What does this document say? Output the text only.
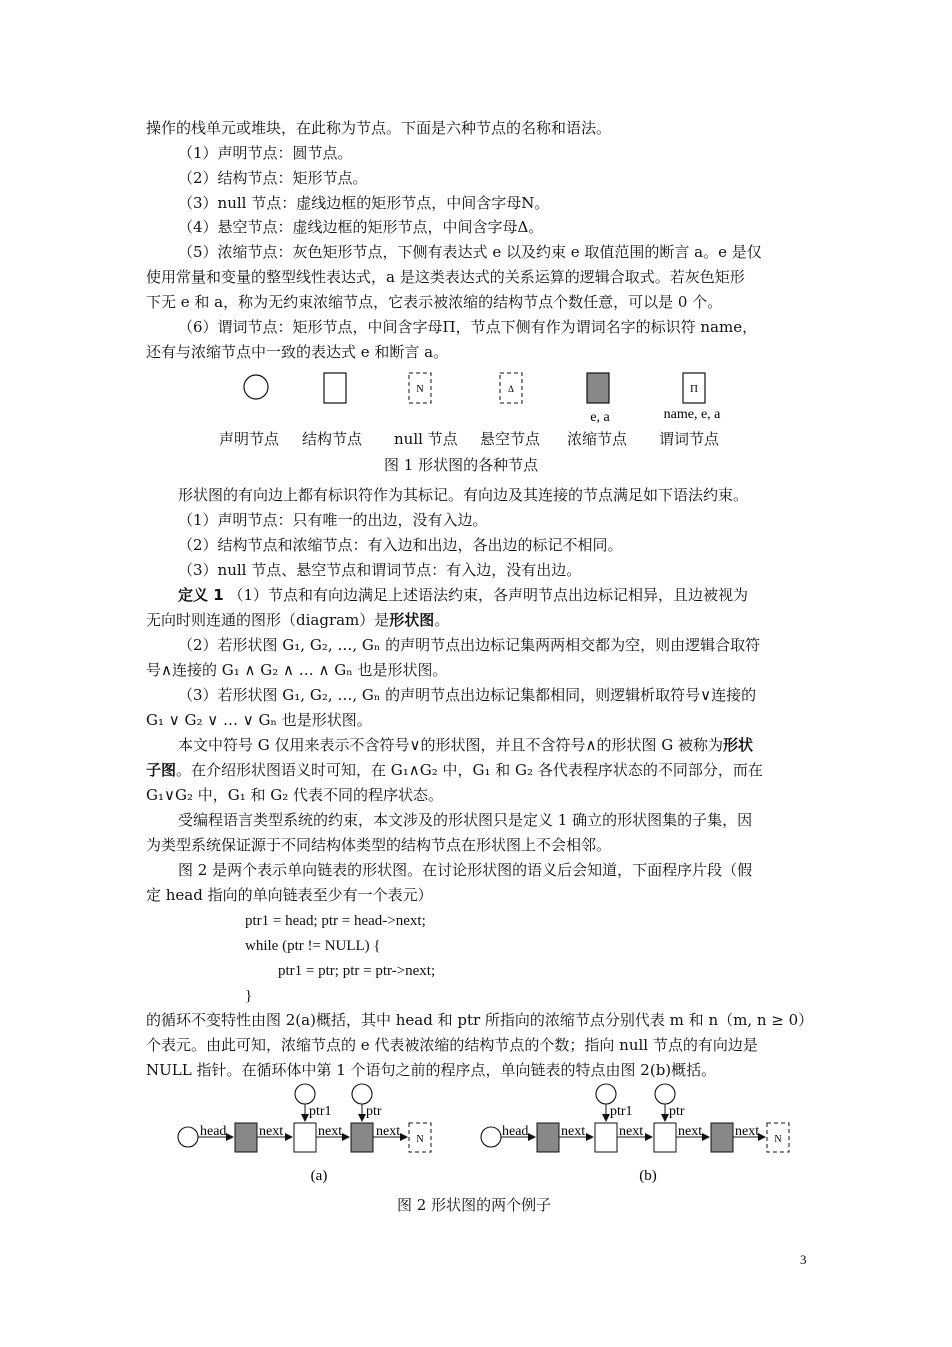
操作的栈单元或堆块，在此称为节点。下面是六种节点的名称和语法。
（1）声明节点：圆节点。
（2）结构节点：矩形节点。
（3）null 节点：虚线边框的矩形节点，中间含字母N。
（4）悬空节点：虚线边框的矩形节点，中间含字母Δ。
（5）浓缩节点：灰色矩形节点，下侧有表达式 e 以及约束 e 取值范围的断言 a。e 是仅
使用常量和变量的整型线性表达式，a 是这类表达式的关系运算的逻辑合取式。若灰色矩形
下无 e 和 a，称为无约束浓缩节点，它表示被浓缩的结构节点个数任意，可以是 0 个。
（6）谓词节点：矩形节点，中间含字母Π，节点下侧有作为谓词名字的标识符 name，
还有与浓缩节点中一致的表达式 e 和断言 a。
N	Δ	Π
e, a	name, e, a
声明节点 结构节点 null 节点 悬空节点 浓缩节点 谓词节点
图 1 形状图的各种节点
形状图的有向边上都有标识符作为其标记。有向边及其连接的节点满足如下语法约束。
（1）声明节点：只有唯一的出边，没有入边。
（2）结构节点和浓缩节点：有入边和出边，各出边的标记不相同。
（3）null 节点、悬空节点和谓词节点：有入边，没有出边。
定义 1 （1）节点和有向边满足上述语法约束，各声明节点出边标记相异，且边被视为
无向时则连通的图形（diagram）是形状图。
（2）若形状图 G₁, G₂, …, Gₙ 的声明节点出边标记集两两相交都为空，则由逻辑合取符
号∧连接的 G₁ ∧ G₂ ∧ … ∧ Gₙ 也是形状图。
（3）若形状图 G₁, G₂, …, Gₙ 的声明节点出边标记集都相同，则逻辑析取符号∨连接的
G₁ ∨ G₂ ∨ … ∨ Gₙ 也是形状图。
本文中符号 G 仅用来表示不含符号∨的形状图，并且不含符号∧的形状图 G 被称为形状
子图。在介绍形状图语义时可知，在 G₁∧G₂ 中，G₁ 和 G₂ 各代表程序状态的不同部分，而在
G₁∨G₂ 中，G₁ 和 G₂ 代表不同的程序状态。
受编程语言类型系统的约束，本文涉及的形状图只是定义 1 确立的形状图集的子集，因
为类型系统保证源于不同结构体类型的结构节点在形状图上不会相邻。
图 2 是两个表示单向链表的形状图。在讨论形状图的语义后会知道，下面程序片段（假
定 head 指向的单向链表至少有一个表元）
ptr1 = head; ptr = head->next;
while (ptr != NULL) {
ptr1 = ptr; ptr = ptr->next;
}
的循环不变特性由图 2(a)概括，其中 head 和 ptr 所指向的浓缩节点分别代表 m 和 n（m, n ≥ 0）
个表元。由此可知，浓缩节点的 e 代表被浓缩的结构节点的个数；指向 null 节点的有向边是
NULL 指针。在循环体中第 1 个语句之前的程序点，单向链表的特点由图 2(b)概括。
head next
ptr1
next
ptr
next
N
(a)
head next
ptr1
next
ptr
next next
N
(b)
图 2 形状图的两个例子
3
